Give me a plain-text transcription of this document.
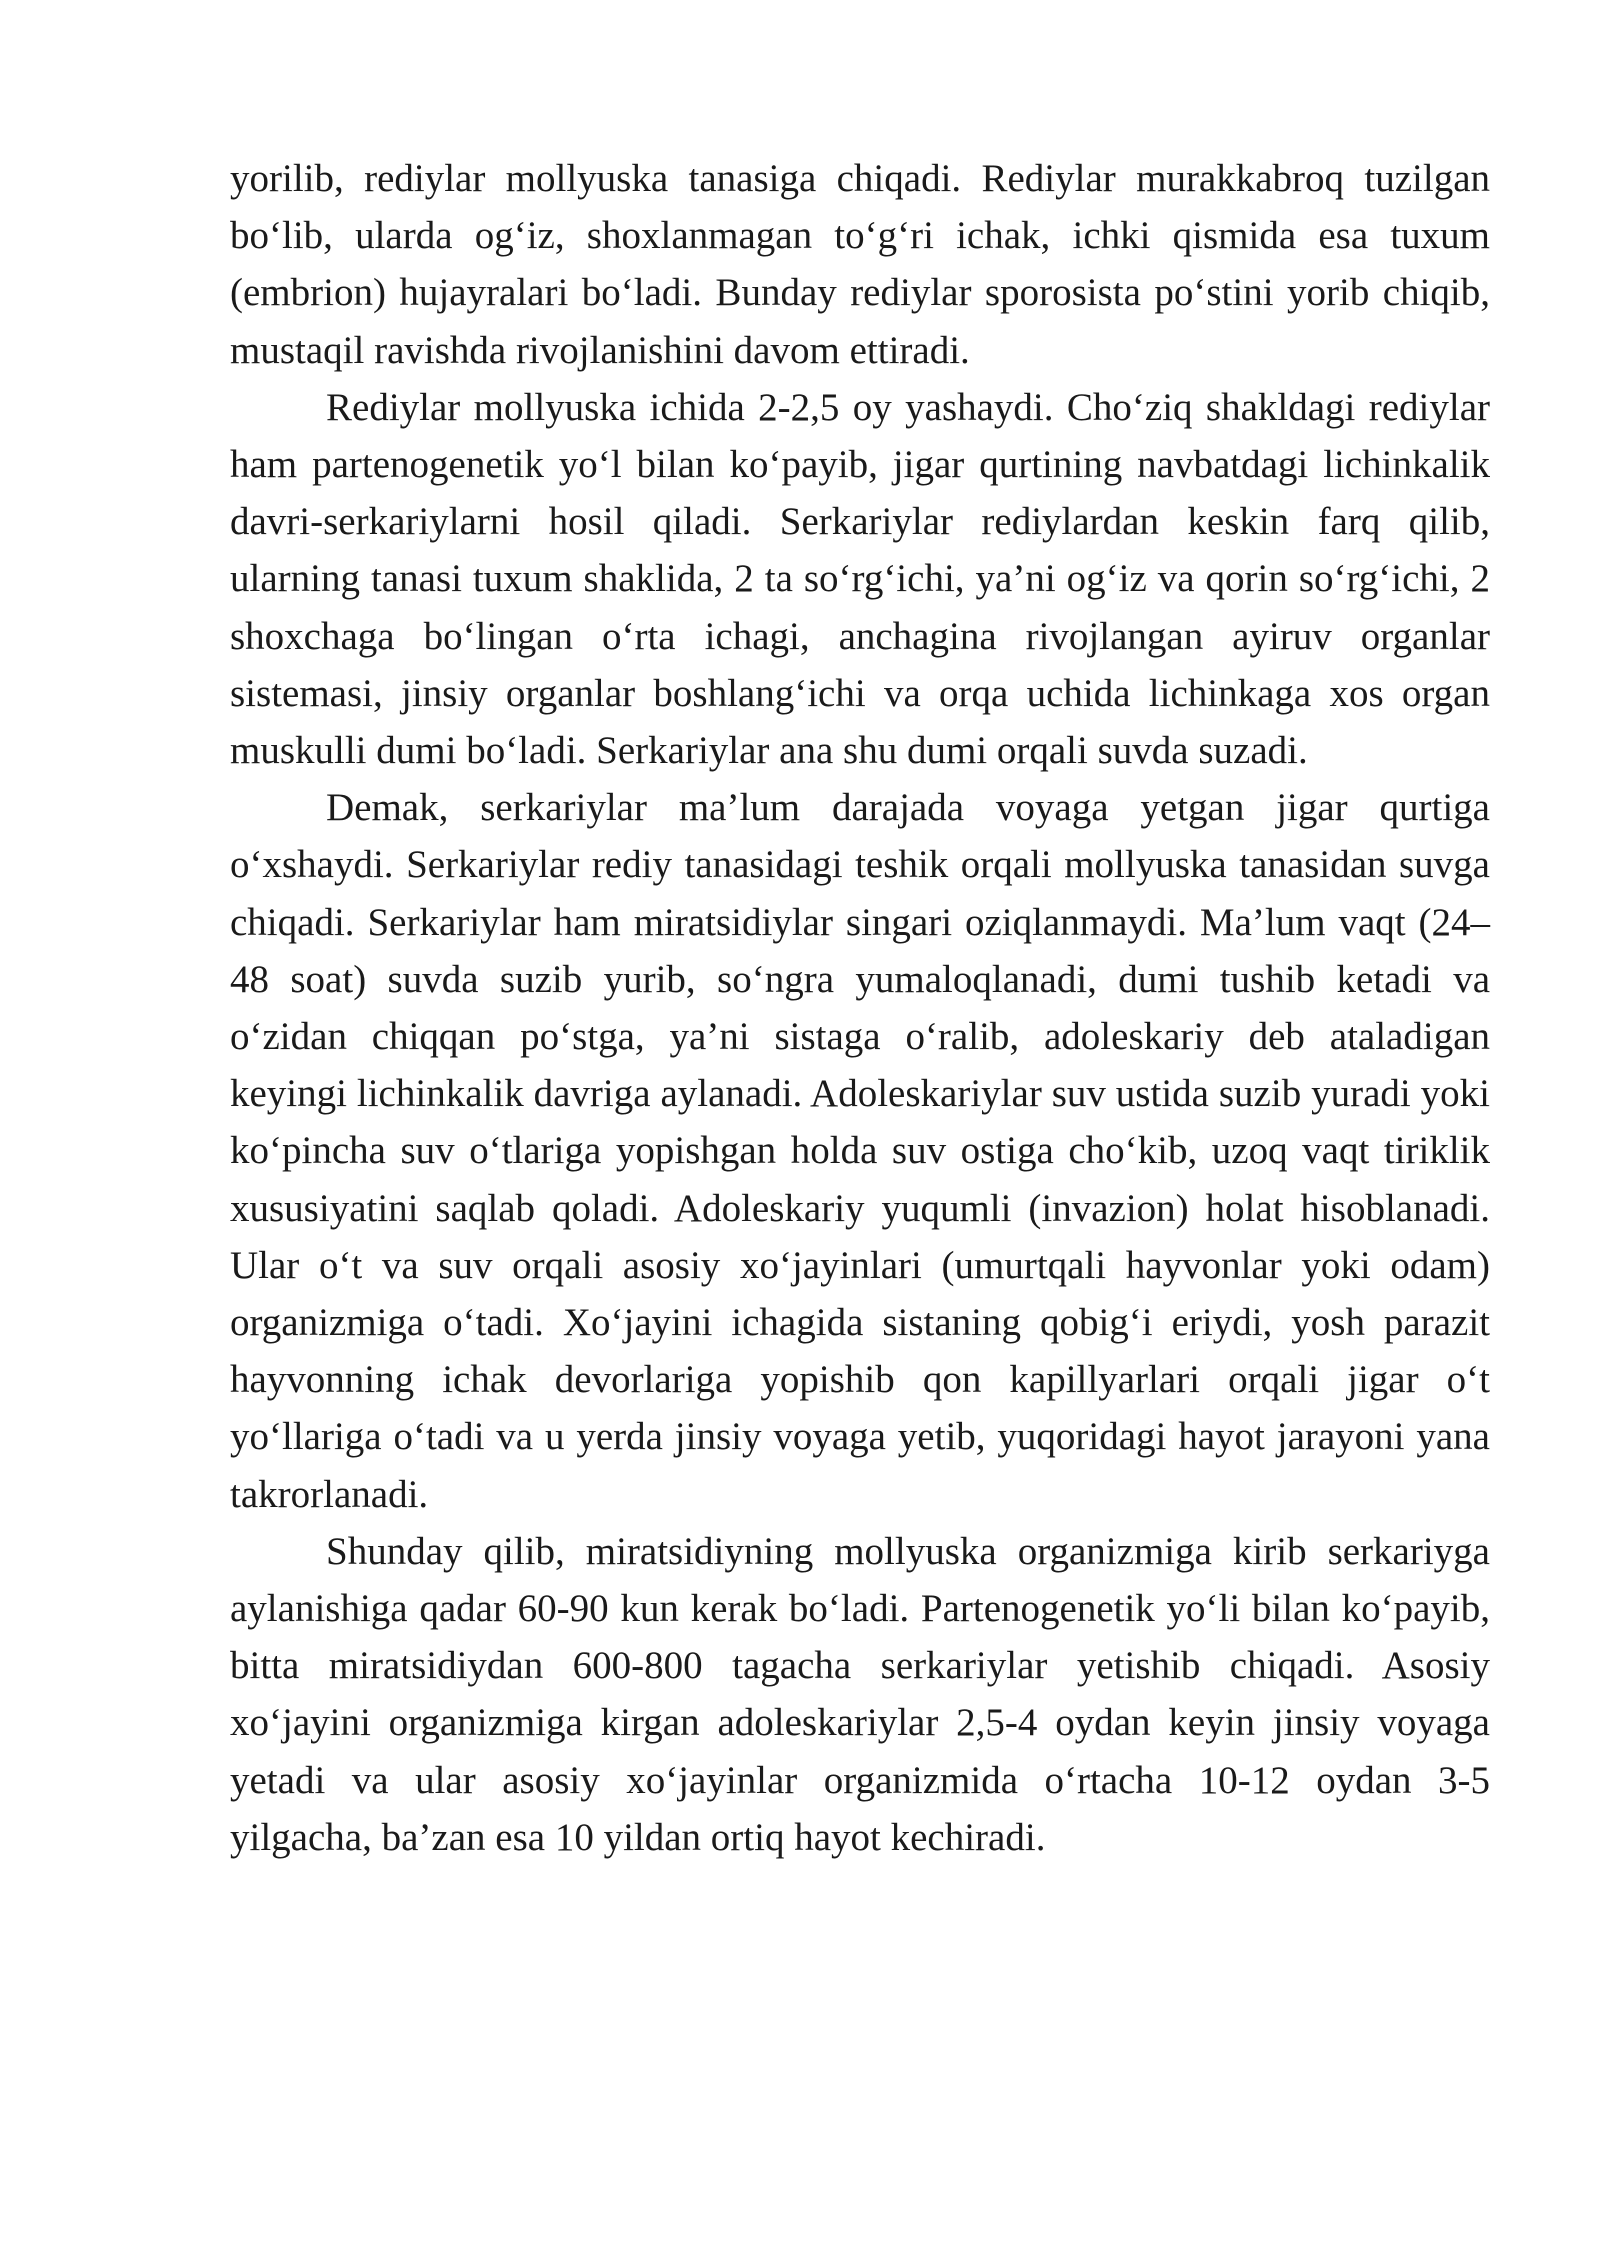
yorilib, rediylar mollyuska tanasiga chiqadi. Rediylar murakkabroq tuzilgan bo‘lib, ularda og‘iz, shoxlanmagan to‘g‘ri ichak, ichki qismida esa tuxum (embrion) hujayralari bo‘ladi. Bunday rediylar sporosista po‘stini yorib chiqib, mustaqil ravishda rivojlanishini davom ettiradi.

Rediylar mollyuska ichida 2-2,5 oy yashaydi. Cho‘ziq shakldagi rediylar ham partenogenetik yo‘l bilan ko‘payib, jigar qurtining navbatdagi lichinkalik davri-serkariylarni hosil qiladi. Serkariylar rediylardan keskin farq qilib, ularning tanasi tuxum shaklida, 2 ta so‘rg‘ichi, ya’ni og‘iz va qorin so‘rg‘ichi, 2 shoxchaga bo‘lingan o‘rta ichagi, anchagina rivojlangan ayiruv organlar sistemasi, jinsiy organlar boshlang‘ichi va orqa uchida lichinkaga xos organ muskulli dumi bo‘ladi. Serkariylar ana shu dumi orqali suvda suzadi.

Demak, serkariylar ma’lum darajada voyaga yetgan jigar qurtiga o‘xshaydi. Serkariylar rediy tanasidagi teshik orqali mollyuska tanasidan suvga chiqadi. Serkariylar ham miratsidiylar singari oziqlanmaydi. Ma’lum vaqt (24–48 soat) suvda suzib yurib, so‘ngra yumaloqlanadi, dumi tushib ketadi va o‘zidan chiqqan po‘stga, ya’ni sistaga o‘ralib, adoleskariy deb ataladigan keyingi lichinkalik davriga aylanadi. Adoleskariylar suv ustida suzib yuradi yoki ko‘pincha suv o‘tlariga yopishgan holda suv ostiga cho‘kib, uzoq vaqt tiriklik xususiyatini saqlab qoladi. Adoleskariy yuqumli (invazion) holat hisoblanadi. Ular o‘t va suv orqali asosiy xo‘jayinlari (umurtqali hayvonlar yoki odam) organizmiga o‘tadi. Xo‘jayini ichagida sistaning qobig‘i eriydi, yosh parazit hayvonning ichak devorlariga yopishib qon kapillyarlari orqali jigar o‘t yo‘llariga o‘tadi va u yerda jinsiy voyaga yetib, yuqoridagi hayot jarayoni yana takrorlanadi.

Shunday qilib, miratsidiyning mollyuska organizmiga kirib serkariyga aylanishiga qadar 60-90 kun kerak bo‘ladi. Partenogenetik yo‘li bilan ko‘payib, bitta miratsidiydan 600-800 tagacha serkariylar yetishib chiqadi. Asosiy xo‘jayini organizmiga kirgan adoleskariylar 2,5-4 oydan keyin jinsiy voyaga yetadi va ular asosiy xo‘jayinlar organizmida o‘rtacha 10-12 oydan 3-5 yilgacha, ba’zan esa 10 yildan ortiq hayot kechiradi.
